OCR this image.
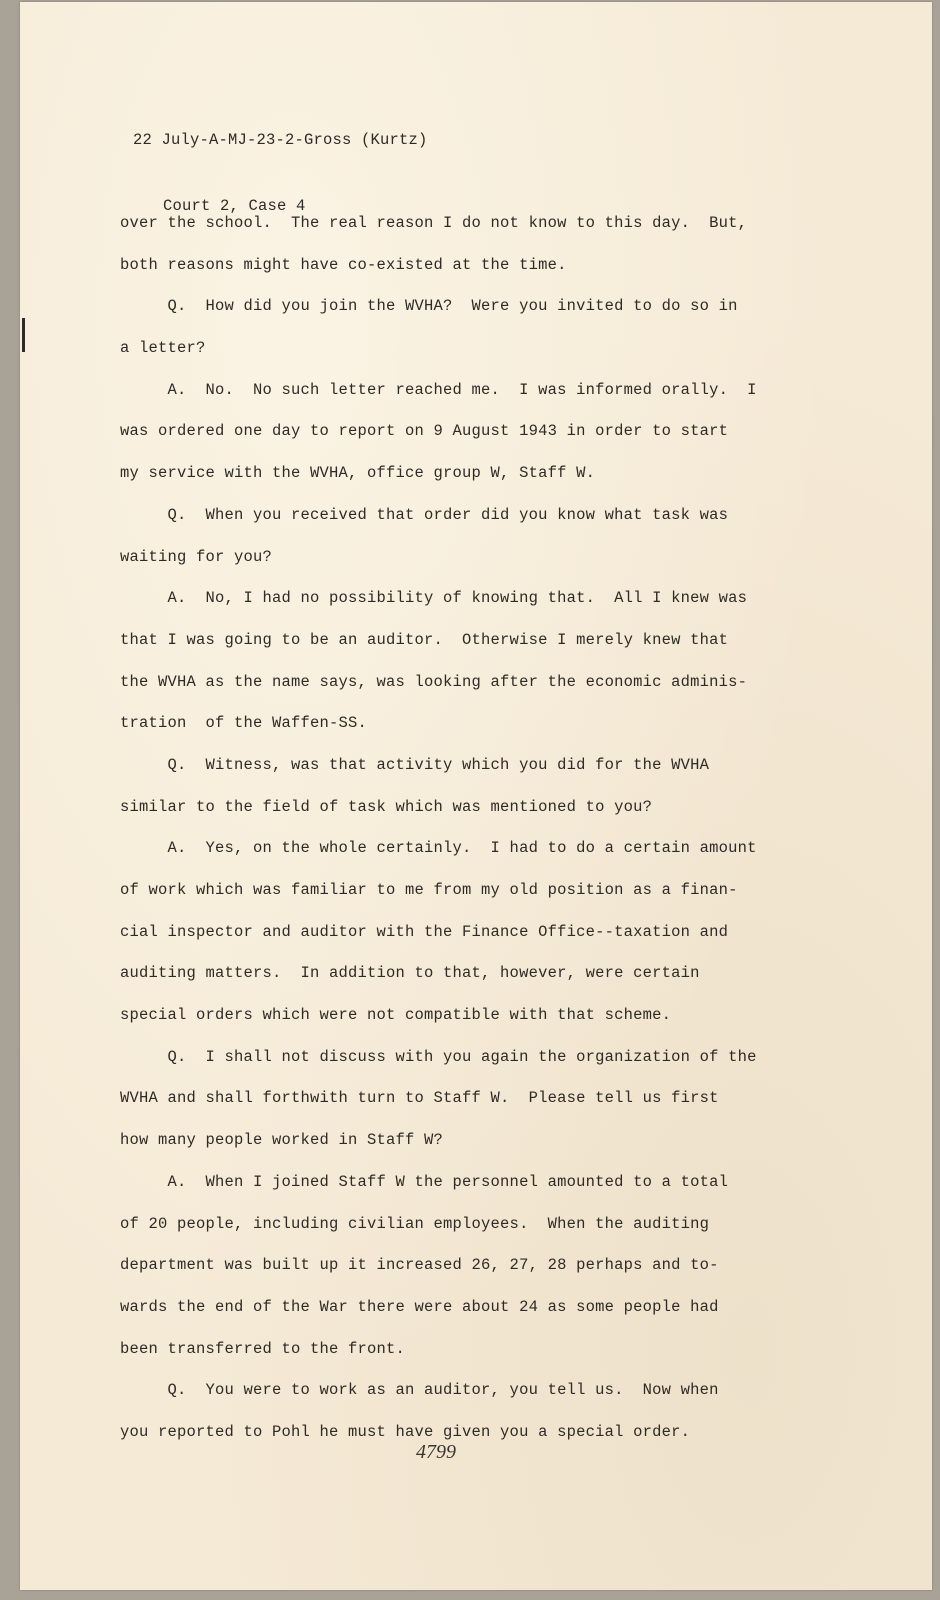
22 July-A-MJ-23-2-Gross (Kurtz)

Court 2, Case 4

over the school.  The real reason I do not know to this day.  But,
both reasons might have co-existed at the time.
Q.  How did you join the WVHA?  Were you invited to do so in
a letter?
A.  No.  No such letter reached me.  I was informed orally.  I
was ordered one day to report on 9 August 1943 in order to start
my service with the WVHA, office group W, Staff W.
Q.  When you received that order did you know what task was
waiting for you?
A.  No, I had no possibility of knowing that.  All I knew was
that I was going to be an auditor.  Otherwise I merely knew that
the WVHA as the name says, was looking after the economic adminis-
tration  of the Waffen-SS.
Q.  Witness, was that activity which you did for the WVHA
similar to the field of task which was mentioned to you?
A.  Yes, on the whole certainly.  I had to do a certain amount
of work which was familiar to me from my old position as a finan-
cial inspector and auditor with the Finance Office--taxation and
auditing matters.  In addition to that, however, were certain
special orders which were not compatible with that scheme.
Q.  I shall not discuss with you again the organization of the
WVHA and shall forthwith turn to Staff W.  Please tell us first
how many people worked in Staff W?
A.  When I joined Staff W the personnel amounted to a total
of 20 people, including civilian employees.  When the auditing
department was built up it increased 26, 27, 28 perhaps and to-
wards the end of the War there were about 24 as some people had
been transferred to the front.
Q.  You were to work as an auditor, you tell us.  Now when
you reported to Pohl he must have given you a special order.
4799
